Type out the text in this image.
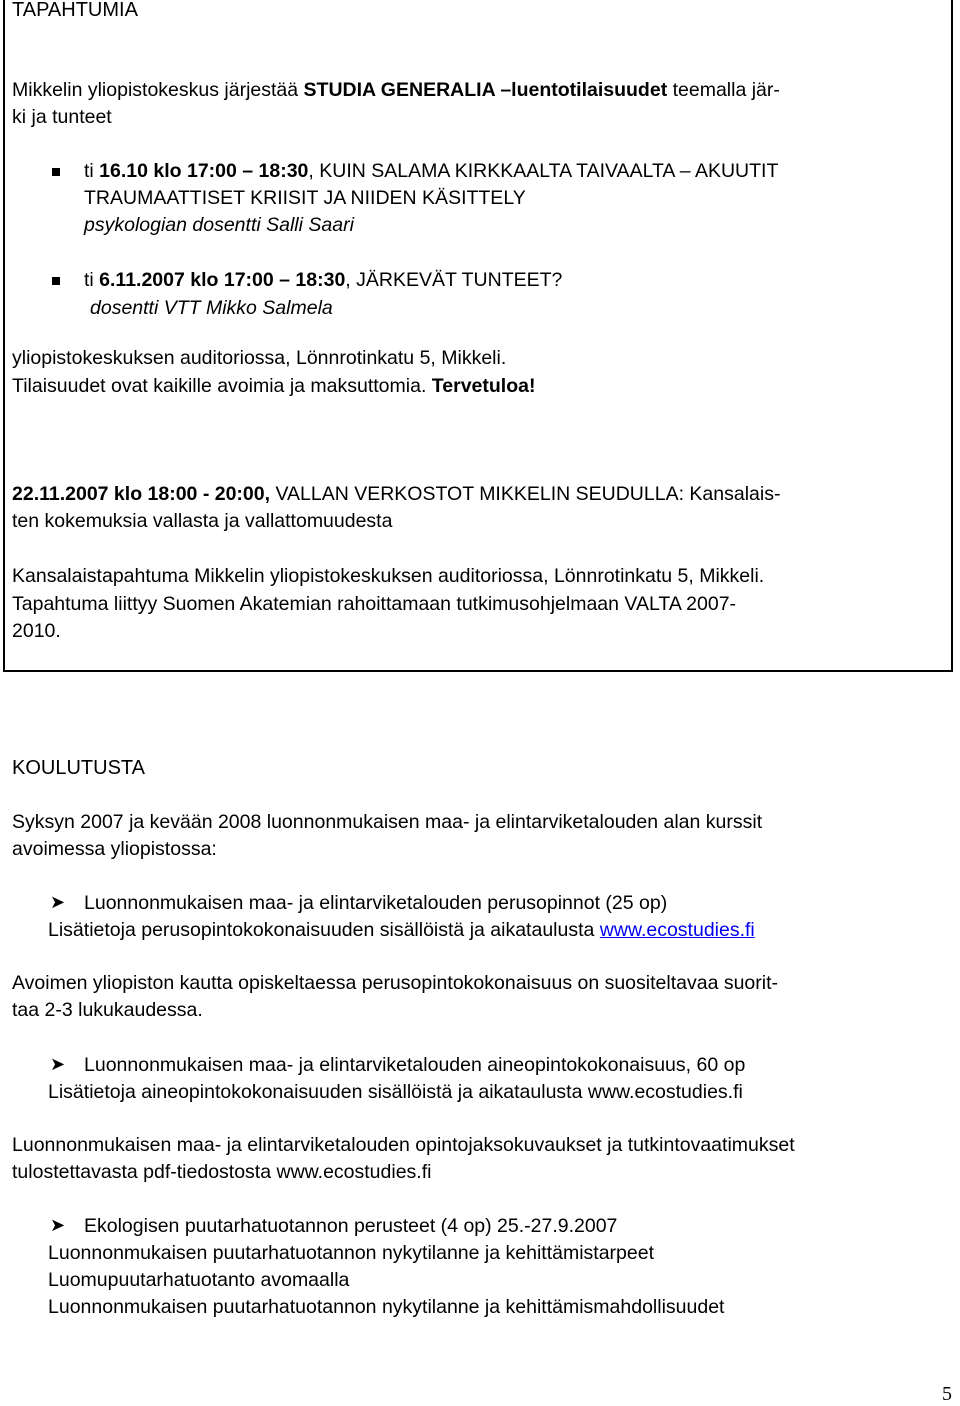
TAPAHTUMIA
Mikkelin yliopistokeskus järjestää STUDIA GENERALIA –luentotilaisuudet teemalla jär-
ki ja tunteet
ti 16.10 klo 17:00 – 18:30, KUIN SALAMA KIRKKAALTA TAIVAALTA – AKUUTIT
TRAUMAATTISET KRIISIT JA NIIDEN KÄSITTELY
psykologian dosentti Salli Saari
ti 6.11.2007 klo 17:00 – 18:30, JÄRKEVÄT TUNTEET?
dosentti VTT Mikko Salmela
yliopistokeskuksen auditoriossa, Lönnrotinkatu 5, Mikkeli.
Tilaisuudet ovat kaikille avoimia ja maksuttomia. Tervetuloa!
22.11.2007 klo 18:00 - 20:00, VALLAN VERKOSTOT MIKKELIN SEUDULLA: Kansalais-
ten kokemuksia vallasta ja vallattomuudesta
Kansalaistapahtuma Mikkelin yliopistokeskuksen auditoriossa, Lönnrotinkatu 5, Mikkeli.
Tapahtuma liittyy Suomen Akatemian rahoittamaan tutkimusohjelmaan VALTA 2007-
2010.
KOULUTUSTA
Syksyn 2007 ja kevään 2008 luonnonmukaisen maa- ja elintarviketalouden alan kurssit
avoimessa yliopistossa:
➤ Luonnonmukaisen maa- ja elintarviketalouden perusopinnot (25 op)
Lisätietoja perusopintokokonaisuuden sisällöistä ja aikataulusta www.ecostudies.fi
Avoimen yliopiston kautta opiskeltaessa perusopintokokonaisuus on suositeltavaa suorit-
taa 2-3 lukukaudessa.
➤ Luonnonmukaisen maa- ja elintarviketalouden aineopintokokonaisuus, 60 op
Lisätietoja aineopintokokonaisuuden sisällöistä ja aikataulusta www.ecostudies.fi
Luonnonmukaisen maa- ja elintarviketalouden opintojaksokuvaukset ja tutkintovaatimukset
tulostettavasta pdf-tiedostosta www.ecostudies.fi
➤ Ekologisen puutarhatuotannon perusteet (4 op) 25.-27.9.2007
Luonnonmukaisen puutarhatuotannon nykytilanne ja kehittämistarpeet
Luomupuutarhatuotanto avomaalla
Luonnonmukaisen puutarhatuotannon nykytilanne ja kehittämismahdollisuudet
5
